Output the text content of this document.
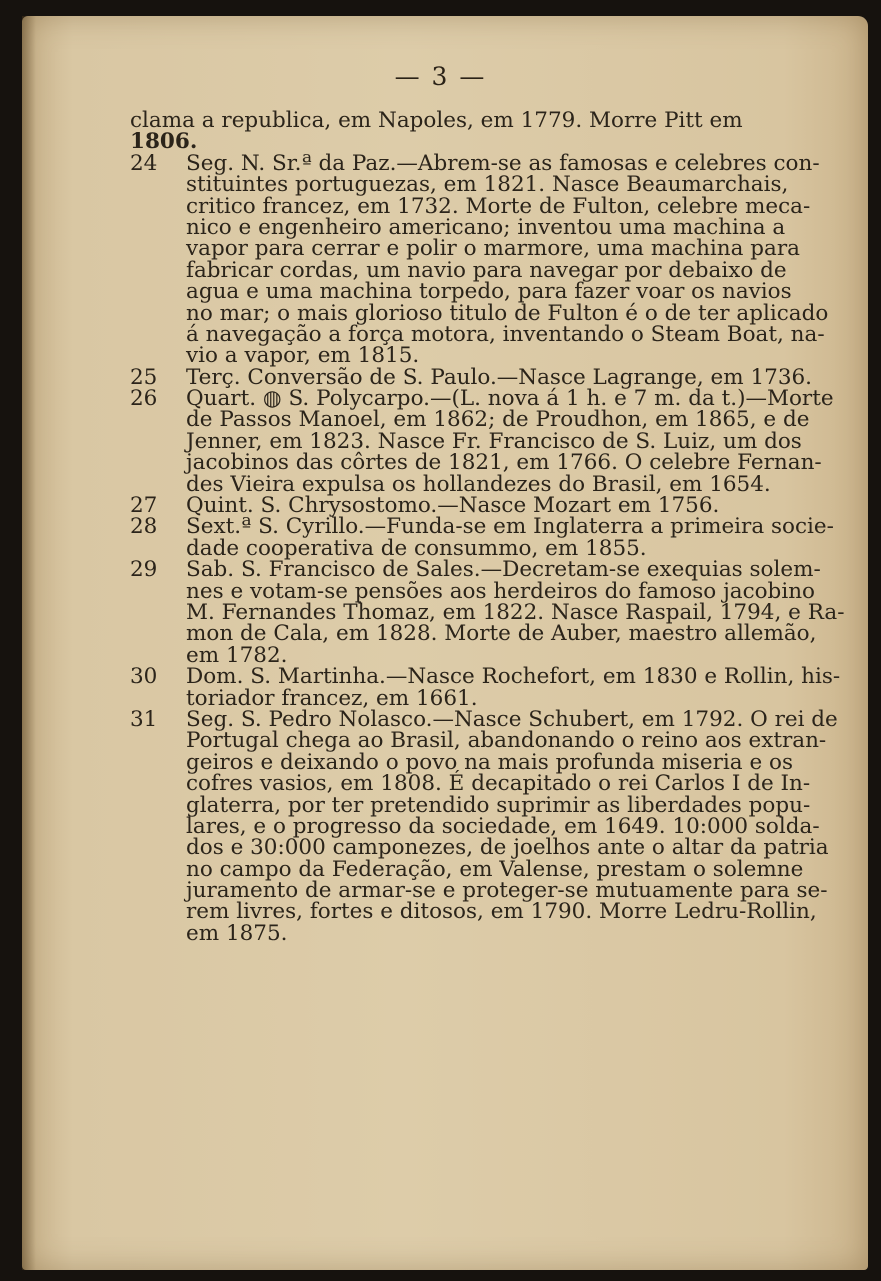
— 3 —
clama a republica, em Napoles, em 1779. Morre Pitt em
1806.
24	Seg. N. Sr.ª da Paz.—Abrem-se as famosas e celebres con-
stituintes portuguezas, em 1821. Nasce Beaumarchais,
critico francez, em 1732. Morte de Fulton, celebre meca-
nico e engenheiro americano; inventou uma machina a
vapor para cerrar e polir o marmore, uma machina para
fabricar cordas, um navio para navegar por debaixo de
agua e uma machina torpedo, para fazer voar os navios
no mar; o mais glorioso titulo de Fulton é o de ter aplicado
á navegação a força motora, inventando o Steam Boat, na-
vio a vapor, em 1815.
25	Terç. Conversão de S. Paulo.—Nasce Lagrange, em 1736.
26	Quart. ◍ S. Polycarpo.—(L. nova á 1 h. e 7 m. da t.)—Morte
de Passos Manoel, em 1862; de Proudhon, em 1865, e de
Jenner, em 1823. Nasce Fr. Francisco de S. Luiz, um dos
jacobinos das côrtes de 1821, em 1766. O celebre Fernan-
des Vieira expulsa os hollandezes do Brasil, em 1654.
27	Quint. S. Chrysostomo.—Nasce Mozart em 1756.
28	Sext.ª S. Cyrillo.—Funda-se em Inglaterra a primeira socie-
dade cooperativa de consummo, em 1855.
29	Sab. S. Francisco de Sales.—Decretam-se exequias solem-
nes e votam-se pensões aos herdeiros do famoso jacobino
M. Fernandes Thomaz, em 1822. Nasce Raspail, 1794, e Ra-
mon de Cala, em 1828. Morte de Auber, maestro allemão,
em 1782.
30	Dom. S. Martinha.—Nasce Rochefort, em 1830 e Rollin, his-
toriador francez, em 1661.
31	Seg. S. Pedro Nolasco.—Nasce Schubert, em 1792. O rei de
Portugal chega ao Brasil, abandonando o reino aos extran-
geiros e deixando o povo na mais profunda miseria e os
cofres vasios, em 1808. É decapitado o rei Carlos I de In-
glaterra, por ter pretendido suprimir as liberdades popu-
lares, e o progresso da sociedade, em 1649. 10:000 solda-
dos e 30:000 camponezes, de joelhos ante o altar da patria
no campo da Federação, em Valense, prestam o solemne
juramento de armar-se e proteger-se mutuamente para se-
rem livres, fortes e ditosos, em 1790. Morre Ledru-Rollin,
em 1875.
